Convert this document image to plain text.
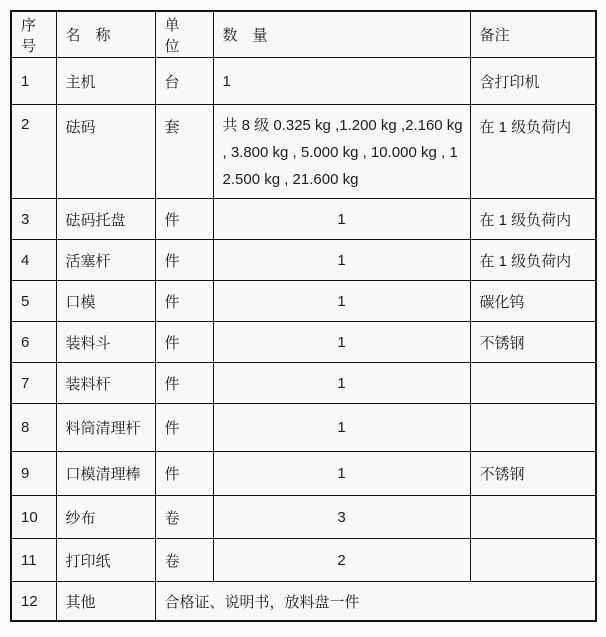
序号	名　称	单　位	数　量	备注
1	主机	台	1	含打印机
2	砝码	套	共 8 级 0.325 kg ,1.200 kg ,2.160 kg , 3.800 kg , 5.000 kg , 10.000 kg , 12.500 kg , 21.600 kg	在 1 级负荷内
3	砝码托盘	件	1	在 1 级负荷内
4	活塞杆	件	1	在 1 级负荷内
5	口模	件	1	碳化钨
6	装料斗	件	1	不锈钢
7	装料杆	件	1	
8	料筒清理杆	件	1	
9	口模清理棒	件	1	不锈钢
10	纱布	卷	3	
11	打印纸	卷	2	
12	其他	合格证、说明书，放料盘一件		
